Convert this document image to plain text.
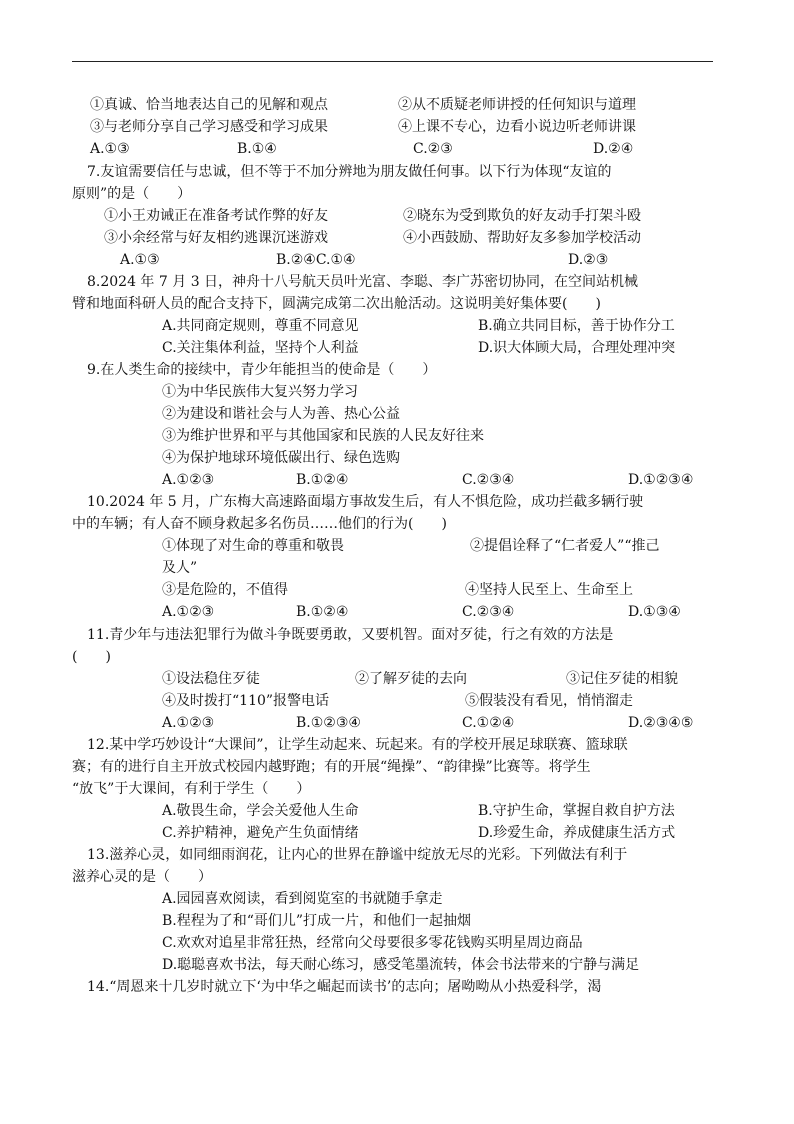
①真诚、恰当地表达自己的见解和观点	②从不质疑老师讲授的任何知识与道理
③与老师分享自己学习感受和学习成果	④上课不专心，边看小说边听老师讲课
A.①③	B.①④	C.②③	D.②④
7.友谊需要信任与忠诚，但不等于不加分辨地为朋友做任何事。以下行为体现“友谊的
原则”的是（　　）
①小王劝诫正在准备考试作弊的好友	②晓东为受到欺负的好友动手打架斗殴
③小余经常与好友相约逃课沉迷游戏	④小西鼓励、帮助好友多参加学校活动
A.①③	B.②④C.①④	D.②③
8.2024 年 7 月 3 日，神舟十八号航天员叶光富、李聪、李广苏密切协同，在空间站机械
臂和地面科研人员的配合支持下，圆满完成第二次出舱活动。这说明美好集体要(　　)
A.共同商定规则，尊重不同意见	B.确立共同目标，善于协作分工
C.关注集体利益，坚持个人利益	D.识大体顾大局，合理处理冲突
9.在人类生命的接续中，青少年能担当的使命是（　　）
①为中华民族伟大复兴努力学习
②为建设和谐社会与人为善、热心公益
③为维护世界和平与其他国家和民族的人民友好往来
④为保护地球环境低碳出行、绿色选购
A.①②③	B.①②④	C.②③④	D.①②③④
10.2024 年 5 月，广东梅大高速路面塌方事故发生后，有人不惧危险，成功拦截多辆行驶
中的车辆；有人奋不顾身救起多名伤员……他们的行为(　　)
①体现了对生命的尊重和敬畏	②提倡诠释了“仁者爱人”“推己
及人”
③是危险的，不值得	④坚持人民至上、生命至上
A.①②③	B.①②④	C.②③④	D.①③④
11.青少年与违法犯罪行为做斗争既要勇敢，又要机智。面对歹徒，行之有效的方法是
(　　)
①设法稳住歹徒	②了解歹徒的去向	③记住歹徒的相貌
④及时拨打“110”报警电话	⑤假装没有看见，悄悄溜走
A.①②③	B.①②③④	C.①②④	D.②③④⑤
12.某中学巧妙设计“大课间”，让学生动起来、玩起来。有的学校开展足球联赛、篮球联
赛；有的进行自主开放式校园内越野跑；有的开展“绳操”、“韵律操”比赛等。将学生
“放飞”于大课间，有利于学生（　　）
A.敬畏生命，学会关爱他人生命	B.守护生命，掌握自救自护方法
C.养护精神，避免产生负面情绪	D.珍爱生命，养成健康生活方式
13.滋养心灵，如同细雨润花，让内心的世界在静谧中绽放无尽的光彩。下列做法有利于
滋养心灵的是（　　）
A.园园喜欢阅读，看到阅览室的书就随手拿走
B.程程为了和“哥们儿”打成一片，和他们一起抽烟
C.欢欢对追星非常狂热，经常向父母要很多零花钱购买明星周边商品
D.聪聪喜欢书法，每天耐心练习，感受笔墨流转，体会书法带来的宁静与满足
14.“周恩来十几岁时就立下‘为中华之崛起而读书’的志向；屠呦呦从小热爱科学，渴
